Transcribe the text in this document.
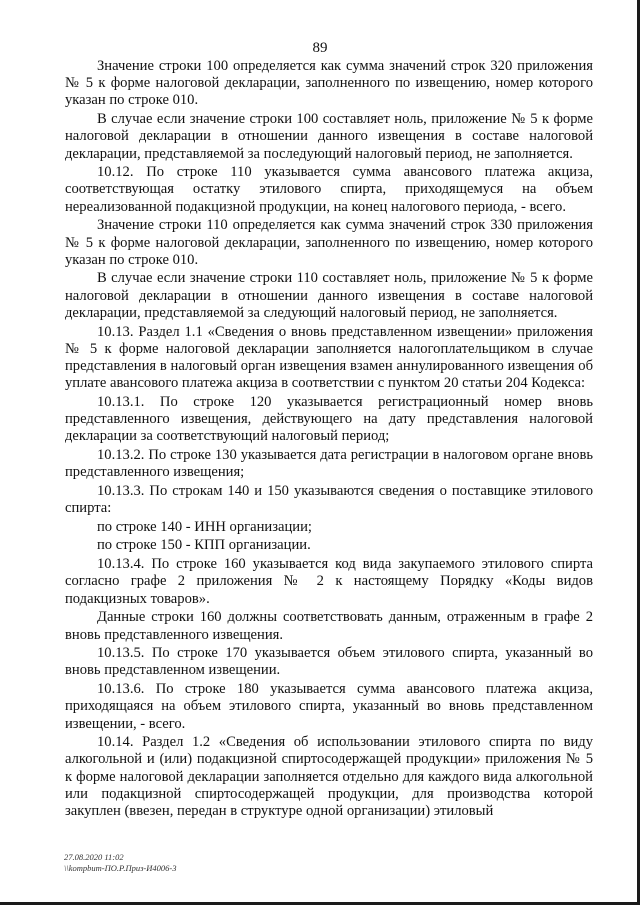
89

Значение строки 100 определяется как сумма значений строк 320 приложения № 5 к форме налоговой декларации, заполненного по извещению, номер которого указан по строке 010.

В случае если значение строки 100 составляет ноль, приложение № 5 к форме налоговой декларации в отношении данного извещения в составе налоговой декларации, представляемой за последующий налоговый период, не заполняется.

10.12. По строке 110 указывается сумма авансового платежа акциза, соответствующая остатку этилового спирта, приходящемуся на объем нереализованной подакцизной продукции, на конец налогового периода, - всего.

Значение строки 110 определяется как сумма значений строк 330 приложения № 5 к форме налоговой декларации, заполненного по извещению, номер которого указан по строке 010.

В случае если значение строки 110 составляет ноль, приложение № 5 к форме налоговой декларации в отношении данного извещения в составе налоговой декларации, представляемой за следующий налоговый период, не заполняется.

10.13. Раздел 1.1 «Сведения о вновь представленном извещении» приложения № 5 к форме налоговой декларации заполняется налогоплательщиком в случае представления в налоговый орган извещения взамен аннулированного извещения об уплате авансового платежа акциза в соответствии с пунктом 20 статьи 204 Кодекса:

10.13.1. По строке 120 указывается регистрационный номер вновь представленного извещения, действующего на дату представления налоговой декларации за соответствующий налоговый период;

10.13.2. По строке 130 указывается дата регистрации в налоговом органе вновь представленного извещения;

10.13.3. По строкам 140 и 150 указываются сведения о поставщике этилового спирта:

по строке 140 - ИНН организации;

по строке 150 - КПП организации.

10.13.4. По строке 160 указывается код вида закупаемого этилового спирта согласно графе 2 приложения № 2 к настоящему Порядку «Коды видов подакцизных товаров».

Данные строки 160 должны соответствовать данным, отраженным в графе 2 вновь представленного извещения.

10.13.5. По строке 170 указывается объем этилового спирта, указанный во вновь представленном извещении.

10.13.6. По строке 180 указывается сумма авансового платежа акциза, приходящаяся на объем этилового спирта, указанный во вновь представленном извещении, - всего.

10.14. Раздел 1.2 «Сведения об использовании этилового спирта по виду алкогольной и (или) подакцизной спиртосодержащей продукции» приложения № 5 к форме налоговой декларации заполняется отдельно для каждого вида алкогольной или подакцизной спиртосодержащей продукции, для производства которой закуплен (ввезен, передан в структуре одной организации) этиловый

27.08.2020 11:02
\\kompbum-ПО.Р.Приз-И4006-3
